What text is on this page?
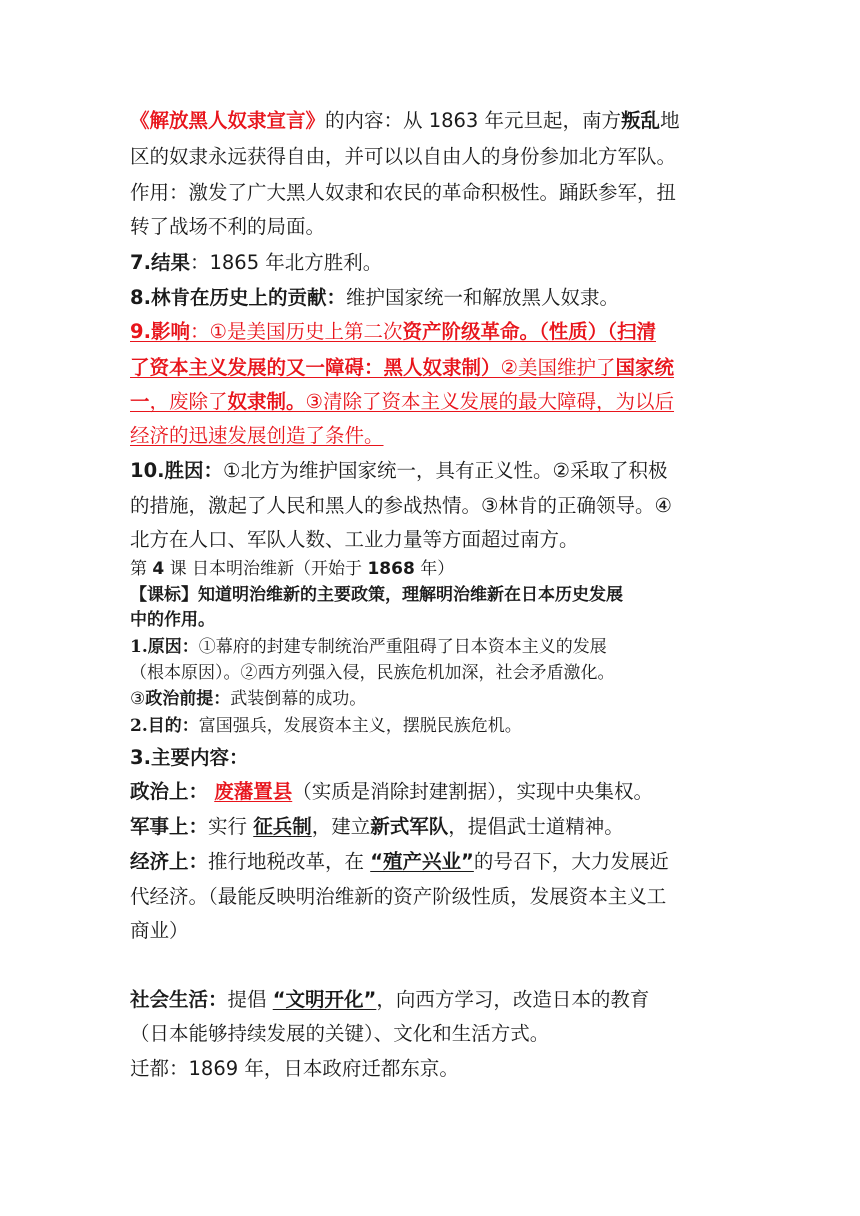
《解放黑人奴隶宣言》的内容：从 1863 年元旦起，南方叛乱地
区的奴隶永远获得自由，并可以以自由人的身份参加北方军队。
作用：激发了广大黑人奴隶和农民的革命积极性。踊跃参军，扭
转了战场不利的局面。
7.结果：1865 年北方胜利。
8.林肯在历史上的贡献：维护国家统一和解放黑人奴隶。
9.影响：①是美国历史上第二次资产阶级革命。（性质）（扫清
了资本主义发展的又一障碍：黑人奴隶制）②美国维护了国家统
一，废除了奴隶制。③清除了资本主义发展的最大障碍，为以后
经济的迅速发展创造了条件。
10.胜因：①北方为维护国家统一，具有正义性。②采取了积极
的措施，激起了人民和黑人的参战热情。③林肯的正确领导。④
北方在人口、军队人数、工业力量等方面超过南方。
第 4 课 日本明治维新（开始于 1868 年）
【课标】知道明治维新的主要政策，理解明治维新在日本历史发展
中的作用。
1.原因：①幕府的封建专制统治严重阻碍了日本资本主义的发展
（根本原因）。②西方列强入侵，民族危机加深，社会矛盾激化。
③政治前提：武装倒幕的成功。
2.目的：富国强兵，发展资本主义，摆脱民族危机。
3.主要内容：
政治上： 废藩置县（实质是消除封建割据），实现中央集权。
军事上：实行 征兵制，建立新式军队，提倡武士道精神。
经济上：推行地税改革，在 “殖产兴业”的号召下，大力发展近
代经济。（最能反映明治维新的资产阶级性质，发展资本主义工
商业）
社会生活：提倡 “文明开化”，向西方学习，改造日本的教育
（日本能够持续发展的关键）、文化和生活方式。
迁都：1869 年，日本政府迁都东京。
